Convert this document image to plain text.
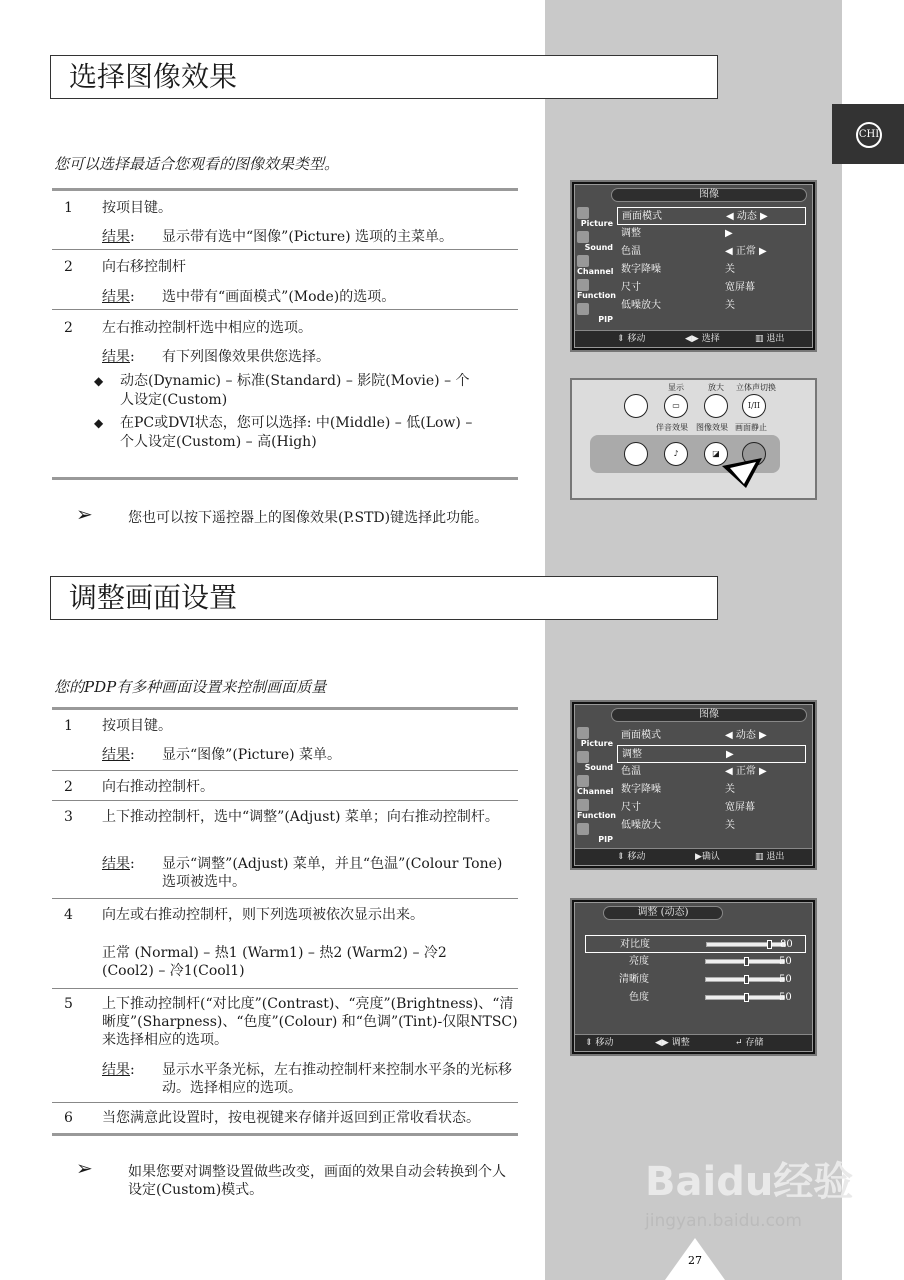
CHI
选择图像效果
您可以选择最适合您观看的图像效果类型。
1 按项目键。
结果: 显示带有选中“图像”(Picture) 选项的主菜单。
2 向右移控制杆
结果: 选中带有“画面模式”(Mode)的选项。
2 左右推动控制杆选中相应的选项。
结果: 有下列图像效果供您选择。
◆ 动态(Dynamic) – 标准(Standard) – 影院(Movie) – 个人设定(Custom)
◆ 在PC或DVI状态，您可以选择: 中(Middle) – 低(Low) – 个人设定(Custom) – 高(High)
➢	您也可以按下遥控器上的图像效果(P.STD)键选择此功能。
调整画面设置
您的PDP有多种画面设置来控制画面质量
1 按项目键。
结果: 显示“图像”(Picture) 菜单。
2 向右推动控制杆。
3 上下推动控制杆，选中“调整”(Adjust) 菜单；向右推动控制杆。
结果: 显示“调整”(Adjust) 菜单，并且“色温”(Colour Tone)选项被选中。
4 向左或右推动控制杆，则下列选项被依次显示出来。
正常 (Normal) – 热1 (Warm1) – 热2 (Warm2) – 冷2 (Cool2) – 冷1(Cool1)
5 上下推动控制杆(“对比度”(Contrast)、“亮度”(Brightness)、“清晰度”(Sharpness)、“色度”(Colour) 和“色调”(Tint)-仅限NTSC)来选择相应的选项。
结果: 显示水平条光标，左右推动控制杆来控制水平条的光标移动。选择相应的选项。
6 当您满意此设置时，按电视键来存储并返回到正常收看状态。
➢	如果您要对调整设置做些改变，画面的效果自动会转换到个人设定(Custom)模式。
图像
Picture
Sound
Channel
Function
PIP
画面模式	◀ 动态 ▶
调整	▶
色温	◀ 正常 ▶
数字降噪	关
尺寸	宽屏幕
低噪放大	关
⇕ 移动	◀▶ 选择	▥ 退出
显示	放大 立体声切换
▭	I/II
伴音效果 图像效果 画面静止
♪	◪
图像
Picture
Sound
Channel
Function
PIP
画面模式	◀ 动态 ▶
调整	▶
色温	◀ 正常 ▶
数字降噪	关
尺寸	宽屏幕
低噪放大	关
⇕ 移动	▶确认	▥ 退出
调整 (动态)
对比度	80
亮度	50
清晰度	50
色度	50
⇕ 移动	◀▶ 调整	↵ 存储
Baidu经验
jingyan.baidu.com
27
